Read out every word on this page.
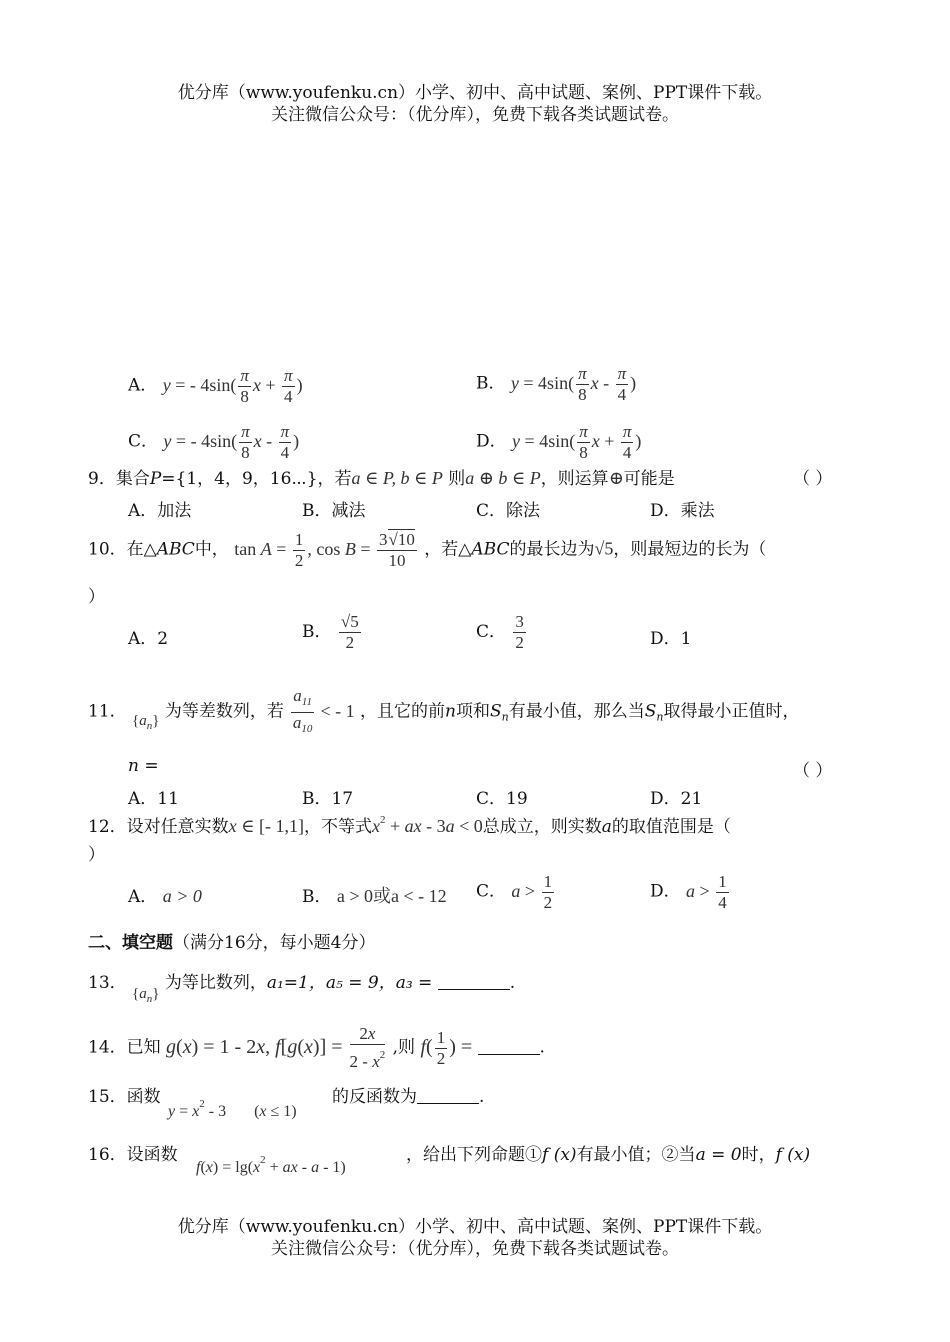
优分库（www.youfenku.cn）小学、初中、高中试题、案例、PPT课件下载。
关注微信公众号：（优分库），免费下载各类试题试卷。
A． y = - $4\sin( \frac{\pi}{8}$ $x + \frac{\pi}{4}$ )	B． $y = 4\sin( \frac{\pi}{8}$ x - $\frac{\pi}{4}$ )
C． y = - $4\sin( \frac{\pi}{8}$ x - $\frac{\pi}{4}$ )	D． $y = 4\sin( \frac{\pi}{8}$ $x + \frac{\pi}{4}$ )
9．集合P={1，4，9，16⋯}，若a ∈ P, b ∈ P 则a ⊕ b ∈ P，则运算⊕可能是	（ ）
A．加法	B．减法	C．除法	D．乘法
10．在△ABC中， $\tan A = \frac{1}{2}$ , $\cos B = \frac{3√10}{10}$ ，若△ABC的最长边为√5，则最短边的长为（
）
A．2	B． $\frac{√5}{2}$	C． $\frac{3}{2}$	D．1
11． $\{a_n\}$ 为等差数列，若 $\frac{a_{11}}{a_{10}}$ < - 1 ，且它的前n项和$S_n$有最小值，那么当$S_n$取得最小正值时，
n =	（ ）
A．11	B．17	C．19	D．21
12．设对任意实数x ∈ [- 1,1]，不等式$x^2$ + ax - 3a < 0总成立，则实数a的取值范围是（
）
A． a > 0	B． a > 0或a < - 12 C． $a > \frac{1}{2}$	D． $a > \frac{1}{4}$
二、填空题（满分16分，每小题4分）
13． $\{a_n\}$ 为等比数列，a₁=1，a₅ = 9，a₃ =	.
14．已知 g(x) = 1 - 2x, $f[g(x)] = \frac{2x}{2 - x^2}$ ,则 $f( \frac{1}{2}$ ) =	.
15．函数
$y = x^2 - 3$       (x ≤ 1)
的反函数为	.
16．设函数
$f(x) = \lg(x^2$ + ax - a - 1)
，给出下列命题①f (x)有最小值；②当a = 0时，f (x)
优分库（www.youfenku.cn）小学、初中、高中试题、案例、PPT课件下载。
关注微信公众号：（优分库），免费下载各类试题试卷。
